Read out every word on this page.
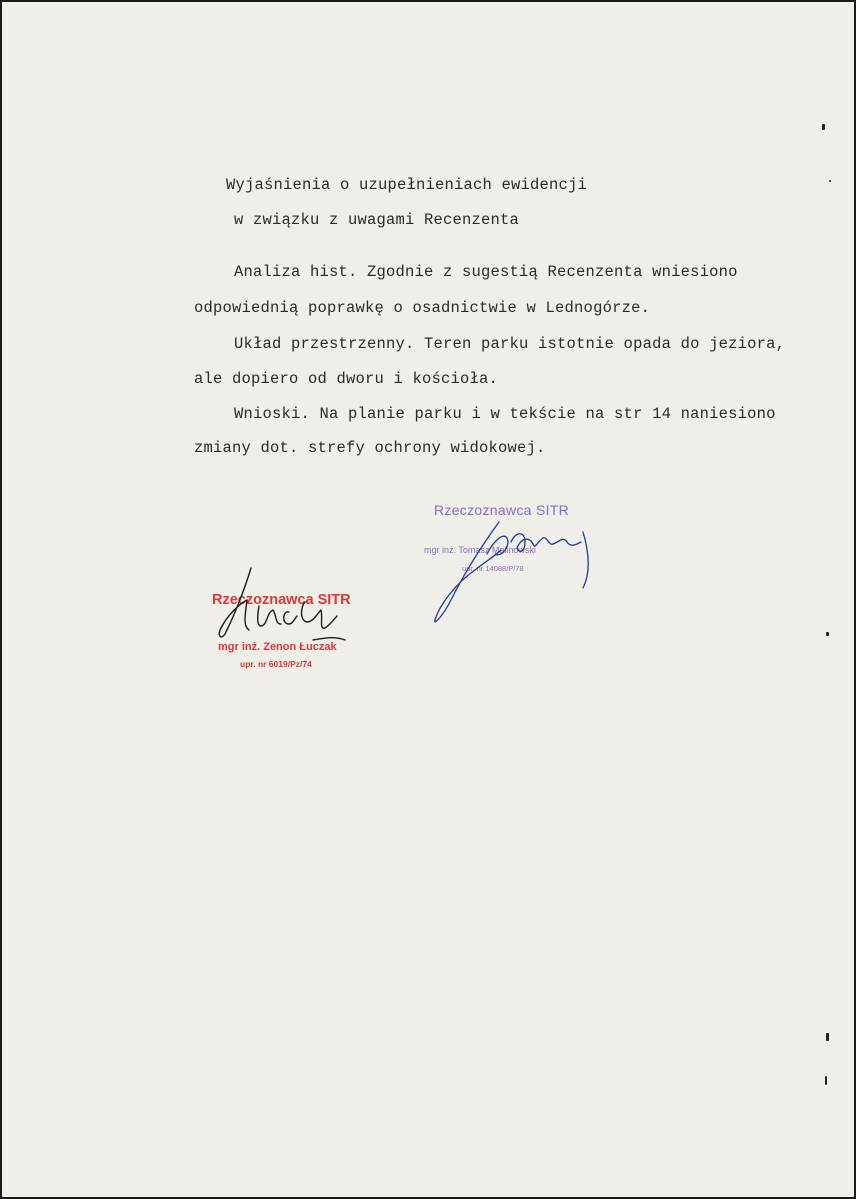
Wyjaśnienia o uzupełnieniach ewidencji
w związku z uwagami Recenzenta
Analiza hist. Zgodnie z sugestią Recenzenta wniesiono
odpowiednią poprawkę o osadnictwie w Lednogórze.
Układ przestrzenny. Teren parku istotnie opada do jeziora,
ale dopiero od dworu i kościoła.
Wnioski. Na planie parku i w tekście na str 14 naniesiono
zmiany dot. strefy ochrony widokowej.
Rzeczoznawca SITR
mgr inż. Tomasz Malinowski
upr. nr 14088/P/78
Rzeczoznawca SITR
mgr inż. Zenon Łuczak
upr. nr 6019/Pz/74
